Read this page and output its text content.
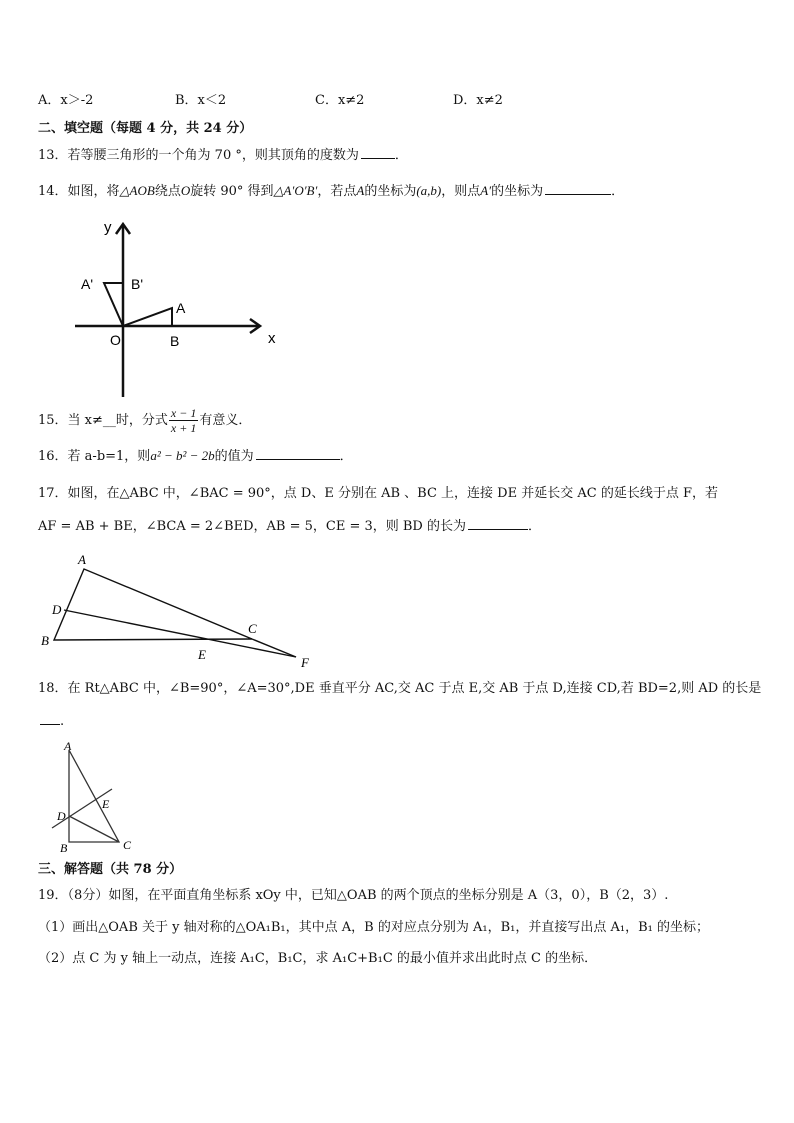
A．x＞-2	B．x＜2	C．x≠2	D．x≠2
二、填空题（每题 4 分，共 24 分）
13．若等腰三角形的一个角为 70 °，则其顶角的度数为	．
14．如图，将△AOB绕点O旋转 90° 得到△A′O′B′，若点A的坐标为(a,b)，则点A′的坐标为	．
y
x
A'	B'
A
O	B
15．当 x≠__时，分式 $\frac{x - 1}{x + 1}$ 有意义．
16．若 a-b=1，则a² − b² − 2b的值为	．
17．如图，在△ABC 中，∠BAC = 90°，点 D、E 分别在 AB 、BC 上，连接 DE 并延长交 AC 的延长线于点 F，若
AF = AB + BE，∠BCA = 2∠BED，AB = 5，CE = 3，则 BD 的长为	．
A
D
B
E
C
F
18．在 Rt△ABC 中，∠B=90°，∠A=30°,DE 垂直平分 AC,交 AC 于点 E,交 AB 于点 D,连接 CD,若 BD=2,则 AD 的长是
.
A
D
E
B	C
三、解答题（共 78 分）
19．（8分）如图，在平面直角坐标系 xOy 中，已知△OAB 的两个顶点的坐标分别是 A（3，0），B（2，3）.
（1）画出△OAB 关于 y 轴对称的△OA₁B₁，其中点 A，B 的对应点分别为 A₁，B₁，并直接写出点 A₁，B₁ 的坐标；
（2）点 C 为 y 轴上一动点，连接 A₁C，B₁C，求 A₁C+B₁C 的最小值并求出此时点 C 的坐标．
